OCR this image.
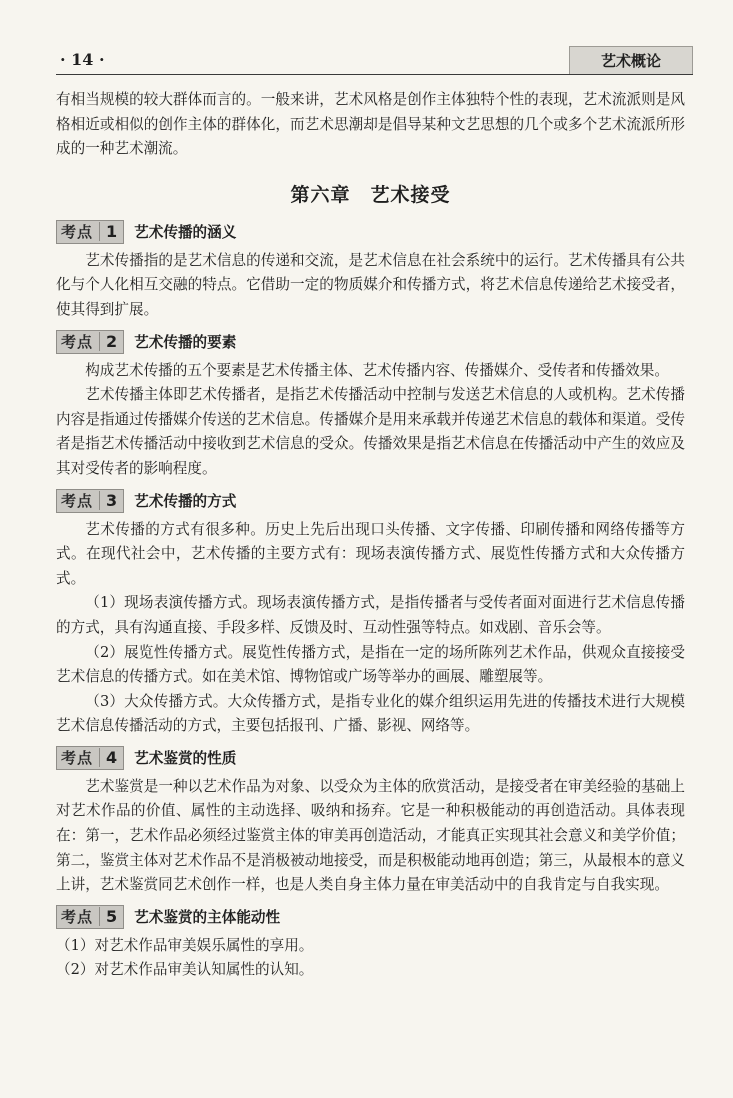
· 14 ·	艺术概论

有相当规模的较大群体而言的。一般来讲，艺术风格是创作主体独特个性的表现，艺术流派则是风格相近或相似的创作主体的群体化，而艺术思潮却是倡导某种文艺思想的几个或多个艺术流派所形成的一种艺术潮流。

第六章　艺术接受
考点 1 艺术传播的涵义

艺术传播指的是艺术信息的传递和交流，是艺术信息在社会系统中的运行。艺术传播具有公共化与个人化相互交融的特点。它借助一定的物质媒介和传播方式，将艺术信息传递给艺术接受者，使其得到扩展。

考点 2 艺术传播的要素

构成艺术传播的五个要素是艺术传播主体、艺术传播内容、传播媒介、受传者和传播效果。

艺术传播主体即艺术传播者，是指艺术传播活动中控制与发送艺术信息的人或机构。艺术传播内容是指通过传播媒介传送的艺术信息。传播媒介是用来承载并传递艺术信息的载体和渠道。受传者是指艺术传播活动中接收到艺术信息的受众。传播效果是指艺术信息在传播活动中产生的效应及其对受传者的影响程度。

考点 3 艺术传播的方式

艺术传播的方式有很多种。历史上先后出现口头传播、文字传播、印刷传播和网络传播等方式。在现代社会中，艺术传播的主要方式有：现场表演传播方式、展览性传播方式和大众传播方式。

（1）现场表演传播方式。现场表演传播方式，是指传播者与受传者面对面进行艺术信息传播的方式，具有沟通直接、手段多样、反馈及时、互动性强等特点。如戏剧、音乐会等。

（2）展览性传播方式。展览性传播方式，是指在一定的场所陈列艺术作品，供观众直接接受艺术信息的传播方式。如在美术馆、博物馆或广场等举办的画展、雕塑展等。

（3）大众传播方式。大众传播方式，是指专业化的媒介组织运用先进的传播技术进行大规模艺术信息传播活动的方式，主要包括报刊、广播、影视、网络等。

考点 4 艺术鉴赏的性质

艺术鉴赏是一种以艺术作品为对象、以受众为主体的欣赏活动，是接受者在审美经验的基础上对艺术作品的价值、属性的主动选择、吸纳和扬弃。它是一种积极能动的再创造活动。具体表现在：第一，艺术作品必须经过鉴赏主体的审美再创造活动，才能真正实现其社会意义和美学价值；第二，鉴赏主体对艺术作品不是消极被动地接受，而是积极能动地再创造；第三，从最根本的意义上讲，艺术鉴赏同艺术创作一样，也是人类自身主体力量在审美活动中的自我肯定与自我实现。

考点 5 艺术鉴赏的主体能动性

（1）对艺术作品审美娱乐属性的享用。

（2）对艺术作品审美认知属性的认知。
